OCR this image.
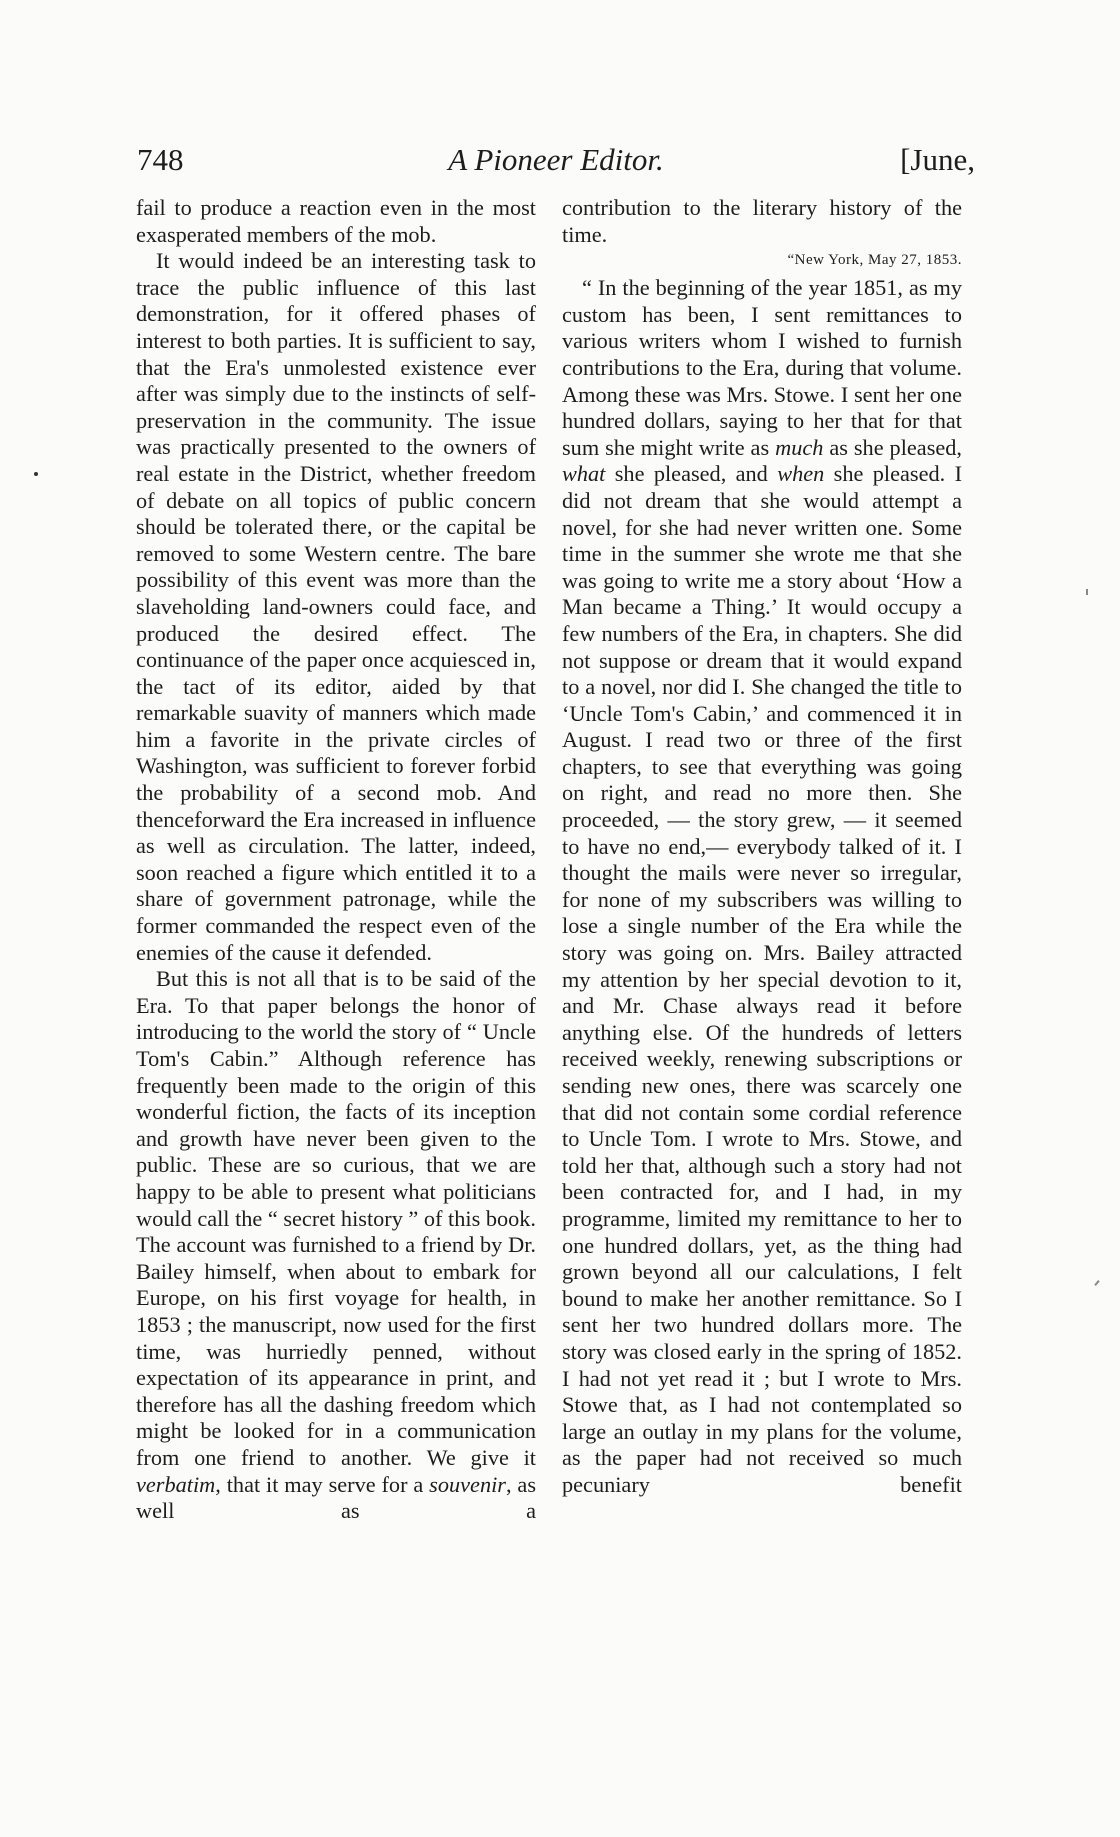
748	A Pioneer Editor.	[June,

fail to produce a reaction even in the most exasperated members of the mob.

It would indeed be an interesting task to trace the public influence of this last demonstration, for it offered phases of interest to both parties. It is sufficient to say, that the Era's unmolested existence ever after was simply due to the instincts of self-preservation in the community. The issue was practically presented to the owners of real estate in the District, whether freedom of debate on all topics of public concern should be tolerated there, or the capital be removed to some Western centre. The bare possibility of this event was more than the slaveholding land-owners could face, and produced the desired effect. The continuance of the paper once acquiesced in, the tact of its editor, aided by that remarkable suavity of manners which made him a favorite in the private circles of Washington, was sufficient to forever forbid the probability of a second mob. And thenceforward the Era increased in influence as well as circulation. The latter, indeed, soon reached a figure which entitled it to a share of government patronage, while the former commanded the respect even of the enemies of the cause it defended.

But this is not all that is to be said of the Era. To that paper belongs the honor of introducing to the world the story of “ Uncle Tom's Cabin.” Although reference has frequently been made to the origin of this wonderful fiction, the facts of its inception and growth have never been given to the public. These are so curious, that we are happy to be able to present what politicians would call the “ secret history ” of this book. The account was furnished to a friend by Dr. Bailey himself, when about to embark for Europe, on his first voyage for health, in 1853 ; the manuscript, now used for the first time, was hurriedly penned, without expectation of its appearance in print, and therefore has all the dashing freedom which might be looked for in a communication from one friend to another. We give it verbatim, that it may serve for a souvenir, as well as a

contribution to the literary history of the time.

“New York, May 27, 1853.

“ In the beginning of the year 1851, as my custom has been, I sent remittances to various writers whom I wished to furnish contributions to the Era, during that volume. Among these was Mrs. Stowe. I sent her one hundred dollars, saying to her that for that sum she might write as much as she pleased, what she pleased, and when she pleased. I did not dream that she would attempt a novel, for she had never written one. Some time in the summer she wrote me that she was going to write me a story about ‘How a Man became a Thing.’ It would occupy a few numbers of the Era, in chapters. She did not suppose or dream that it would expand to a novel, nor did I. She changed the title to ‘Uncle Tom's Cabin,’ and commenced it in August. I read two or three of the first chapters, to see that everything was going on right, and read no more then. She proceeded, — the story grew, — it seemed to have no end,— everybody talked of it. I thought the mails were never so irregular, for none of my subscribers was willing to lose a single number of the Era while the story was going on. Mrs. Bailey attracted my attention by her special devotion to it, and Mr. Chase always read it before anything else. Of the hundreds of letters received weekly, renewing subscriptions or sending new ones, there was scarcely one that did not contain some cordial reference to Uncle Tom. I wrote to Mrs. Stowe, and told her that, although such a story had not been contracted for, and I had, in my programme, limited my remittance to her to one hundred dollars, yet, as the thing had grown beyond all our calculations, I felt bound to make her another remittance. So I sent her two hundred dollars more. The story was closed early in the spring of 1852. I had not yet read it ; but I wrote to Mrs. Stowe that, as I had not contemplated so large an outlay in my plans for the volume, as the paper had not received so much pecuniary benefit
